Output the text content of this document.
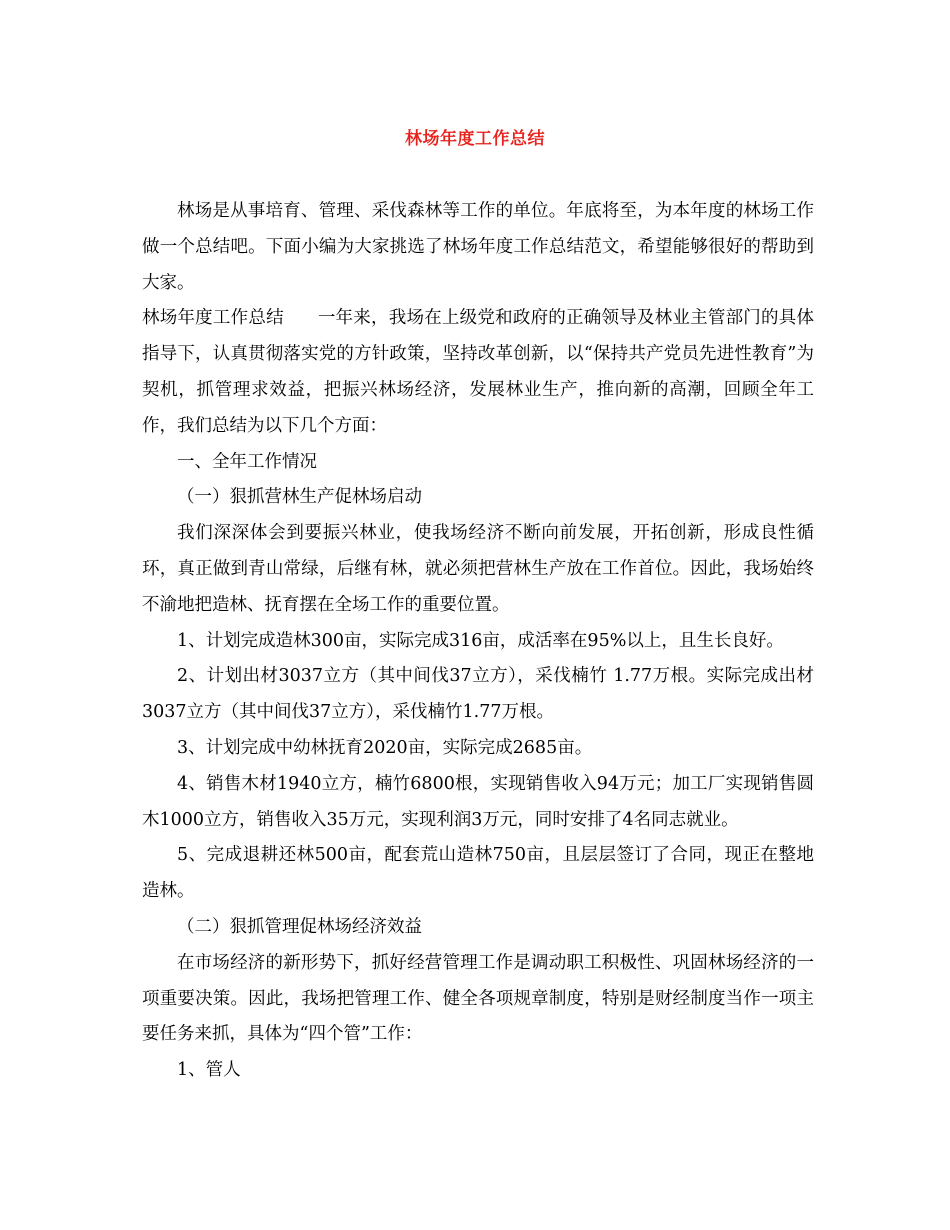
林场年度工作总结

林场是从事培育、管理、采伐森林等工作的单位。年底将至，为本年度的林场工作做一个总结吧。下面小编为大家挑选了林场年度工作总结范文，希望能够很好的帮助到大家。

林场年度工作总结 一年来，我场在上级党和政府的正确领导及林业主管部门的具体指导下，认真贯彻落实党的方针政策，坚持改革创新，以“保持共产党员先进性教育”为契机，抓管理求效益，把振兴林场经济，发展林业生产，推向新的高潮，回顾全年工作，我们总结为以下几个方面：

一、全年工作情况

（一）狠抓营林生产促林场启动

我们深深体会到要振兴林业，使我场经济不断向前发展，开拓创新，形成良性循环，真正做到青山常绿，后继有林，就必须把营林生产放在工作首位。因此，我场始终不渝地把造林、抚育摆在全场工作的重要位置。

1、计划完成造林300亩，实际完成316亩，成活率在95%以上，且生长良好。

2、计划出材3037立方（其中间伐37立方），采伐楠竹 1.77万根。实际完成出材3037立方（其中间伐37立方），采伐楠竹1.77万根。

3、计划完成中幼林抚育2020亩，实际完成2685亩。

4、销售木材1940立方，楠竹6800根，实现销售收入94万元；加工厂实现销售圆木1000立方，销售收入35万元，实现利润3万元，同时安排了4名同志就业。

5、完成退耕还林500亩，配套荒山造林750亩，且层层签订了合同，现正在整地造林。

（二）狠抓管理促林场经济效益

在市场经济的新形势下，抓好经营管理工作是调动职工积极性、巩固林场经济的一项重要决策。因此，我场把管理工作、健全各项规章制度，特别是财经制度当作一项主要任务来抓，具体为“四个管”工作：

1、管人
